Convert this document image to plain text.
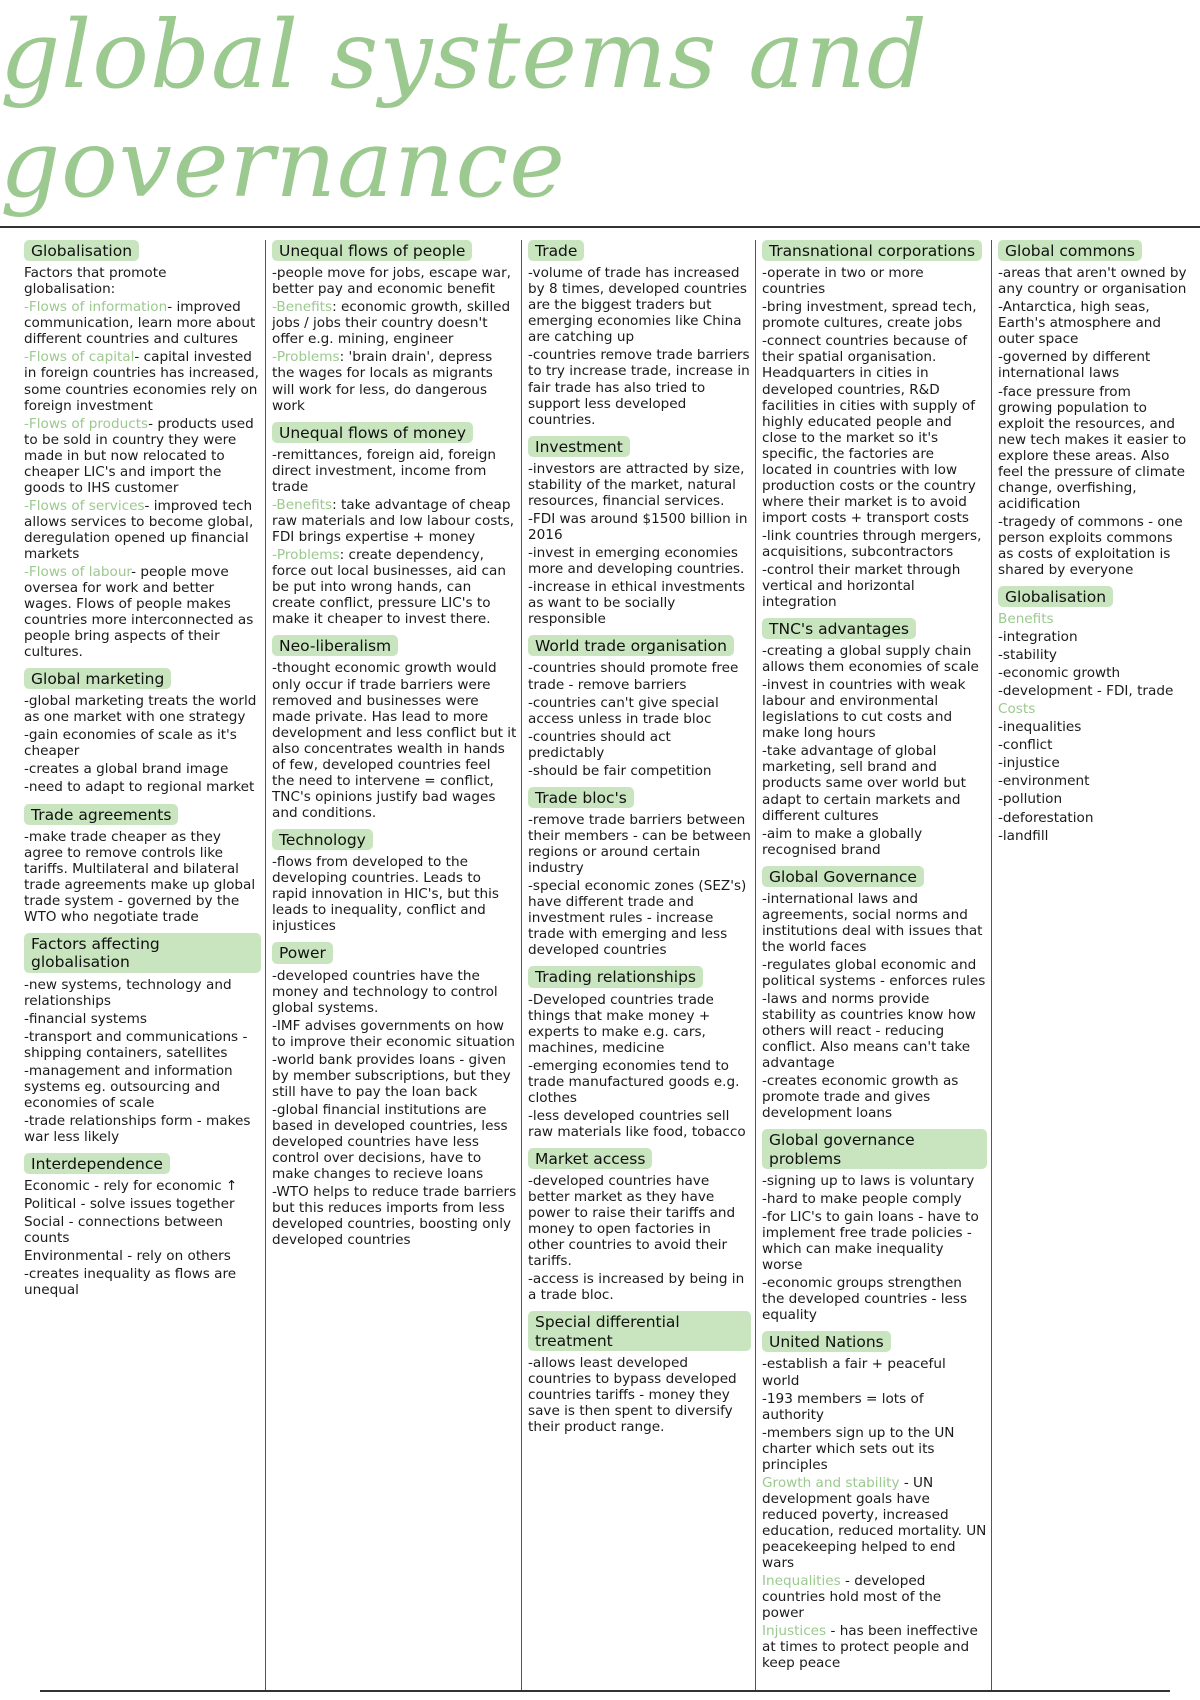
global systems and governance
Globalisation
Factors that promote globalisation:
-Flows of information- improved communication, learn more about different countries and cultures
-Flows of capital- capital invested in foreign countries has increased, some countries economies rely on foreign investment
-Flows of products- products used to be sold in country they were made in but now relocated to cheaper LIC's and import the goods to IHS customer
-Flows of services- improved tech allows services to become global, deregulation opened up financial markets
-Flows of labour- people move oversea for work and better wages. Flows of people makes countries more interconnected as people bring aspects of their cultures.
Global marketing
-global marketing treats the world as one market with one strategy
-gain economies of scale as it's cheaper
-creates a global brand image
-need to adapt to regional market
Trade agreements
-make trade cheaper as they agree to remove controls like tariffs. Multilateral and bilateral trade agreements make up global trade system - governed by the WTO who negotiate trade
Factors affecting globalisation
-new systems, technology and relationships
-financial systems
-transport and communications - shipping containers, satellites
-management and information systems eg. outsourcing and economies of scale
-trade relationships form - makes war less likely
Interdependence
Economic - rely for economic ↑
Political - solve issues together
Social - connections between counts
Environmental - rely on others
-creates inequality as flows are unequal
Unequal flows of people
-people move for jobs, escape war, better pay and economic benefit
-Benefits: economic growth, skilled jobs / jobs their country doesn't offer e.g. mining, engineer
-Problems: 'brain drain', depress the wages for locals as migrants will work for less, do dangerous work
Unequal flows of money
-remittances, foreign aid, foreign direct investment, income from trade
-Benefits: take advantage of cheap raw materials and low labour costs, FDI brings expertise + money
-Problems: create dependency, force out local businesses, aid can be put into wrong hands, can create conflict, pressure LIC's to make it cheaper to invest there.
Neo-liberalism
-thought economic growth would only occur if trade barriers were removed and businesses were made private. Has lead to more development and less conflict but it also concentrates wealth in hands of few, developed countries feel the need to intervene = conflict, TNC's opinions justify bad wages and conditions.
Technology
-flows from developed to the developing countries. Leads to rapid innovation in HIC's, but this leads to inequality, conflict and injustices
Power
-developed countries have the money and technology to control global systems.
-IMF advises governments on how to improve their economic situation
-world bank provides loans - given by member subscriptions, but they still have to pay the loan back
-global financial institutions are based in developed countries, less developed countries have less control over decisions, have to make changes to recieve loans
-WTO helps to reduce trade barriers but this reduces imports from less developed countries, boosting only developed countries
Trade
-volume of trade has increased by 8 times, developed countries are the biggest traders but emerging economies like China are catching up
-countries remove trade barriers to try increase trade, increase in fair trade has also tried to support less developed countries.
Investment
-investors are attracted by size, stability of the market, natural resources, financial services.
-FDI was around $1500 billion in 2016
-invest in emerging economies more and developing countries.
-increase in ethical investments as want to be socially responsible
World trade organisation
-countries should promote free trade - remove barriers
-countries can't give special access unless in trade bloc
-countries should act predictably
-should be fair competition
Trade bloc's
-remove trade barriers between their members - can be between regions or around certain industry
-special economic zones (SEZ's) have different trade and investment rules - increase trade with emerging and less developed countries
Trading relationships
-Developed countries trade things that make money + experts to make e.g. cars, machines, medicine
-emerging economies tend to trade manufactured goods e.g. clothes
-less developed countries sell raw materials like food, tobacco
Market access
-developed countries have better market as they have power to raise their tariffs and money to open factories in other countries to avoid their tariffs.
-access is increased by being in a trade bloc.
Special differential treatment
-allows least developed countries to bypass developed countries tariffs - money they save is then spent to diversify their product range.
Transnational corporations
-operate in two or more countries
-bring investment, spread tech, promote cultures, create jobs
-connect countries because of their spatial organisation. Headquarters in cities in developed countries, R&D facilities in cities with supply of highly educated people and close to the market so it's specific, the factories are located in countries with low production costs or the country where their market is to avoid import costs + transport costs
-link countries through mergers, acquisitions, subcontractors
-control their market through vertical and horizontal integration
TNC's advantages
-creating a global supply chain allows them economies of scale
-invest in countries with weak labour and environmental legislations to cut costs and make long hours
-take advantage of global marketing, sell brand and products same over world but adapt to certain markets and different cultures
-aim to make a globally recognised brand
Global Governance
-international laws and agreements, social norms and institutions deal with issues that the world faces
-regulates global economic and political systems - enforces rules
-laws and norms provide stability as countries know how others will react - reducing conflict. Also means can't take advantage
-creates economic growth as promote trade and gives development loans
Global governance problems
-signing up to laws is voluntary
-hard to make people comply
-for LIC's to gain loans - have to implement free trade policies - which can make inequality worse
-economic groups strengthen the developed countries - less equality
United Nations
-establish a fair + peaceful world
-193 members = lots of authority
-members sign up to the UN charter which sets out its principles
Growth and stability - UN development goals have reduced poverty, increased education, reduced mortality. UN peacekeeping helped to end wars
Inequalities - developed countries hold most of the power
Injustices - has been ineffective at times to protect people and keep peace
Global commons
-areas that aren't owned by any country or organisation
-Antarctica, high seas, Earth's atmosphere and outer space
-governed by different international laws
-face pressure from growing population to exploit the resources, and new tech makes it easier to explore these areas. Also feel the pressure of climate change, overfishing, acidification
-tragedy of commons - one person exploits commons as costs of exploitation is shared by everyone
Globalisation
Benefits
-integration
-stability
-economic growth
-development - FDI, trade
Costs
-inequalities
-conflict
-injustice
-environment
-pollution
-deforestation
-landfill
